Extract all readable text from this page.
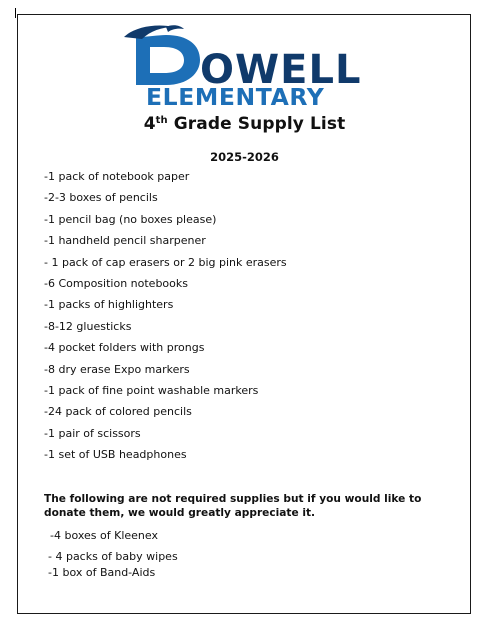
OWELL
ELEMENTARY
4th Grade Supply List
2025-2026
-1 pack of notebook paper
-2-3 boxes of pencils
-1 pencil bag (no boxes please)
-1 handheld pencil sharpener
- 1 pack of cap erasers or 2 big pink erasers
-6 Composition notebooks
-1 packs of highlighters
-8-12 gluesticks
-4 pocket folders with prongs
-8 dry erase Expo markers
-1 pack of fine point washable markers
-24 pack of colored pencils
-1 pair of scissors
-1 set of USB headphones
The following are not required supplies but if you would like to donate them, we would greatly appreciate it.
-4 boxes of Kleenex
- 4 packs of baby wipes
-1 box of Band-Aids
